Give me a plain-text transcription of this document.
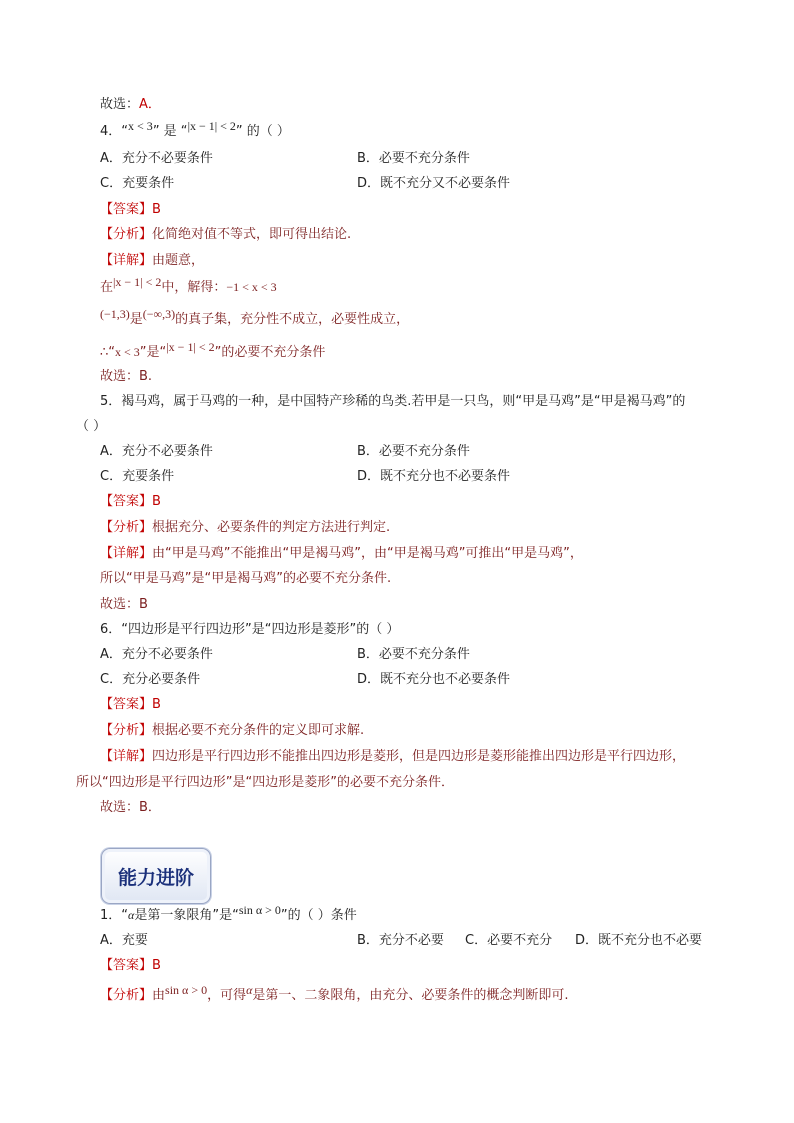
故选：A．
4．“x < 3” 是 “|x − 1| < 2” 的（ ）
A．充分不必要条件	B．必要不充分条件
C．充要条件	D．既不充分又不必要条件
【答案】B
【分析】化简绝对值不等式，即可得出结论.
【详解】由题意，
在|x − 1| < 2中，解得：−1 < x < 3
(−1,3)是(−∞,3)的真子集，充分性不成立，必要性成立，
∴“x < 3”是“|x − 1| < 2”的必要不充分条件
故选：B.
5．褐马鸡，属于马鸡的一种，是中国特产珍稀的鸟类.若甲是一只鸟，则“甲是马鸡”是“甲是褐马鸡”的
（ ）
A．充分不必要条件	B．必要不充分条件
C．充要条件	D．既不充分也不必要条件
【答案】B
【分析】根据充分、必要条件的判定方法进行判定.
【详解】由“甲是马鸡”不能推出“甲是褐马鸡”，由“甲是褐马鸡”可推出“甲是马鸡”，
所以“甲是马鸡”是“甲是褐马鸡”的必要不充分条件.
故选：B
6．“四边形是平行四边形”是“四边形是菱形”的（ ）
A．充分不必要条件	B．必要不充分条件
C．充分必要条件	D．既不充分也不必要条件
【答案】B
【分析】根据必要不充分条件的定义即可求解.
【详解】四边形是平行四边形不能推出四边形是菱形，但是四边形是菱形能推出四边形是平行四边形，
所以“四边形是平行四边形”是“四边形是菱形”的必要不充分条件．
故选：B．
能力进阶
1．“α是第一象限角”是“sin α > 0”的（ ）条件
A．充要	B．充分不必要 C．必要不充分 D．既不充分也不必要
【答案】B
【分析】由sin α > 0，可得α是第一、二象限角，由充分、必要条件的概念判断即可.
